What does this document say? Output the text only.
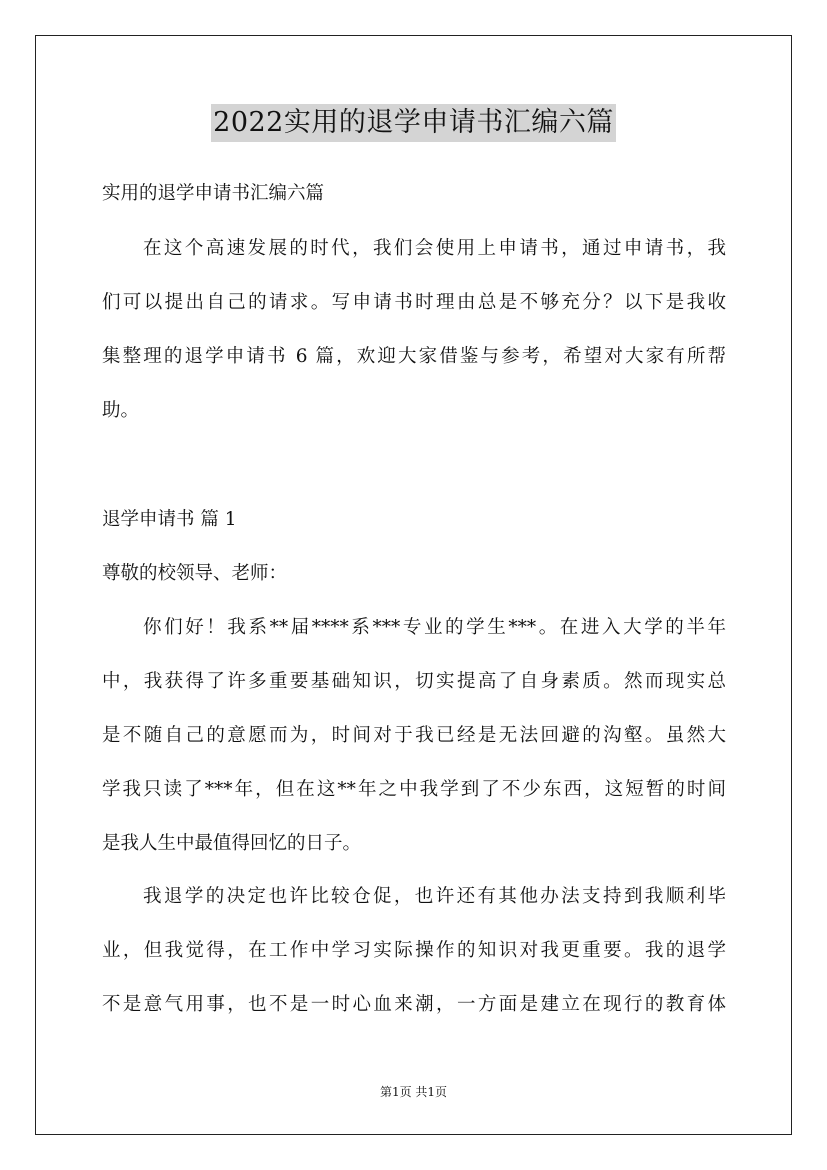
2022实用的退学申请书汇编六篇
实用的退学申请书汇编六篇
在这个高速发展的时代，我们会使用上申请书，通过申请书，我
们可以提出自己的请求。写申请书时理由总是不够充分？以下是我收
集整理的退学申请书 6 篇，欢迎大家借鉴与参考，希望对大家有所帮
助。
退学申请书 篇 1
尊敬的校领导、老师：
你们好！我系**届****系***专业的学生***。在进入大学的半年
中，我获得了许多重要基础知识，切实提高了自身素质。然而现实总
是不随自己的意愿而为，时间对于我已经是无法回避的沟壑。虽然大
学我只读了***年，但在这**年之中我学到了不少东西，这短暂的时间
是我人生中最值得回忆的日子。
我退学的决定也许比较仓促，也许还有其他办法支持到我顺利毕
业，但我觉得，在工作中学习实际操作的知识对我更重要。我的退学
不是意气用事，也不是一时心血来潮，一方面是建立在现行的教育体
第1页 共1页
